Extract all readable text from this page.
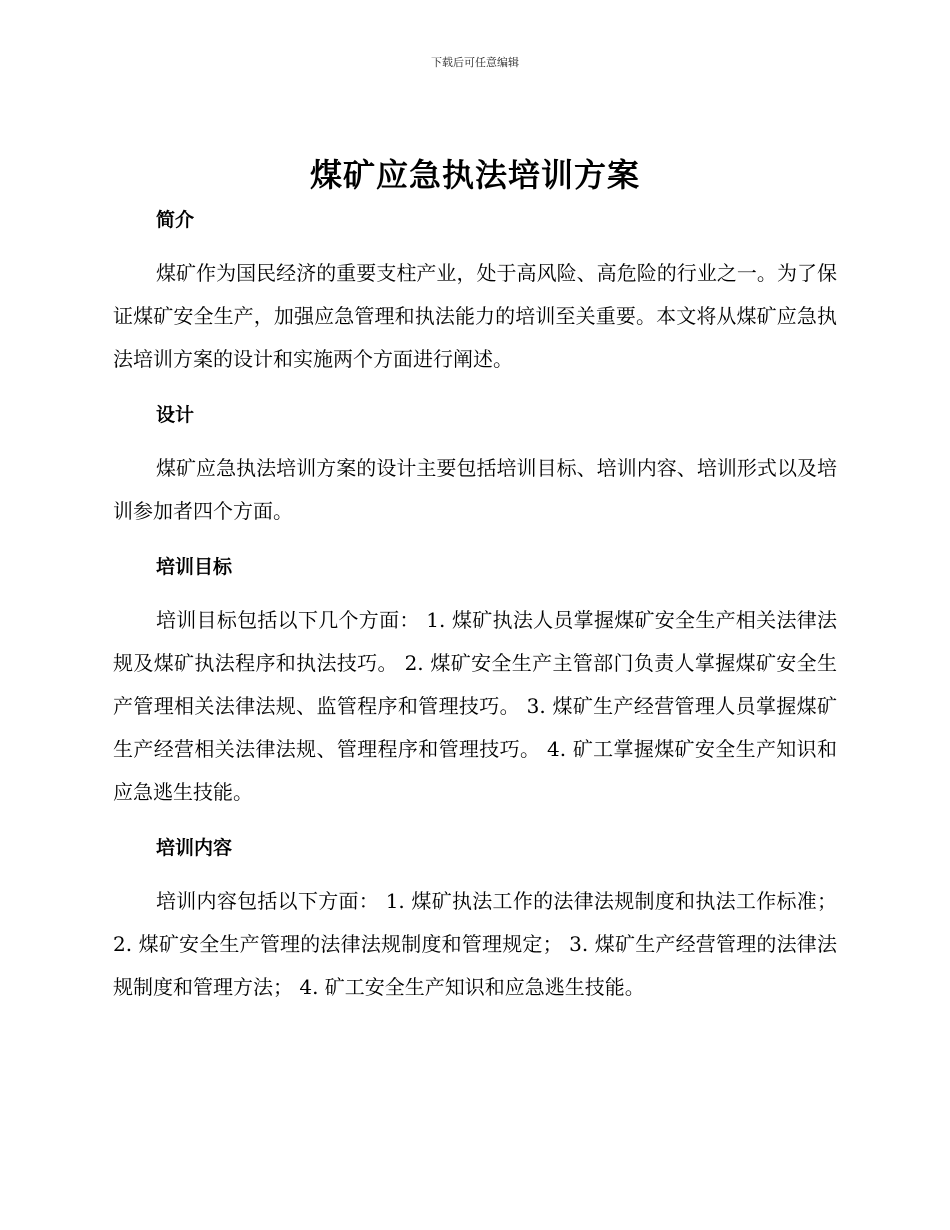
下载后可任意编辑
煤矿应急执法培训方案
简介

煤矿作为国民经济的重要支柱产业，处于高风险、高危险的行业之一。为了保证煤矿安全生产，加强应急管理和执法能力的培训至关重要。本文将从煤矿应急执法培训方案的设计和实施两个方面进行阐述。

设计

煤矿应急执法培训方案的设计主要包括培训目标、培训内容、培训形式以及培训参加者四个方面。

培训目标

培训目标包括以下几个方面： 1. 煤矿执法人员掌握煤矿安全生产相关法律法规及煤矿执法程序和执法技巧。 2. 煤矿安全生产主管部门负责人掌握煤矿安全生产管理相关法律法规、监管程序和管理技巧。 3. 煤矿生产经营管理人员掌握煤矿生产经营相关法律法规、管理程序和管理技巧。 4. 矿工掌握煤矿安全生产知识和应急逃生技能。

培训内容

培训内容包括以下方面： 1. 煤矿执法工作的法律法规制度和执法工作标准； 2. 煤矿安全生产管理的法律法规制度和管理规定； 3. 煤矿生产经营管理的法律法规制度和管理方法； 4. 矿工安全生产知识和应急逃生技能。
